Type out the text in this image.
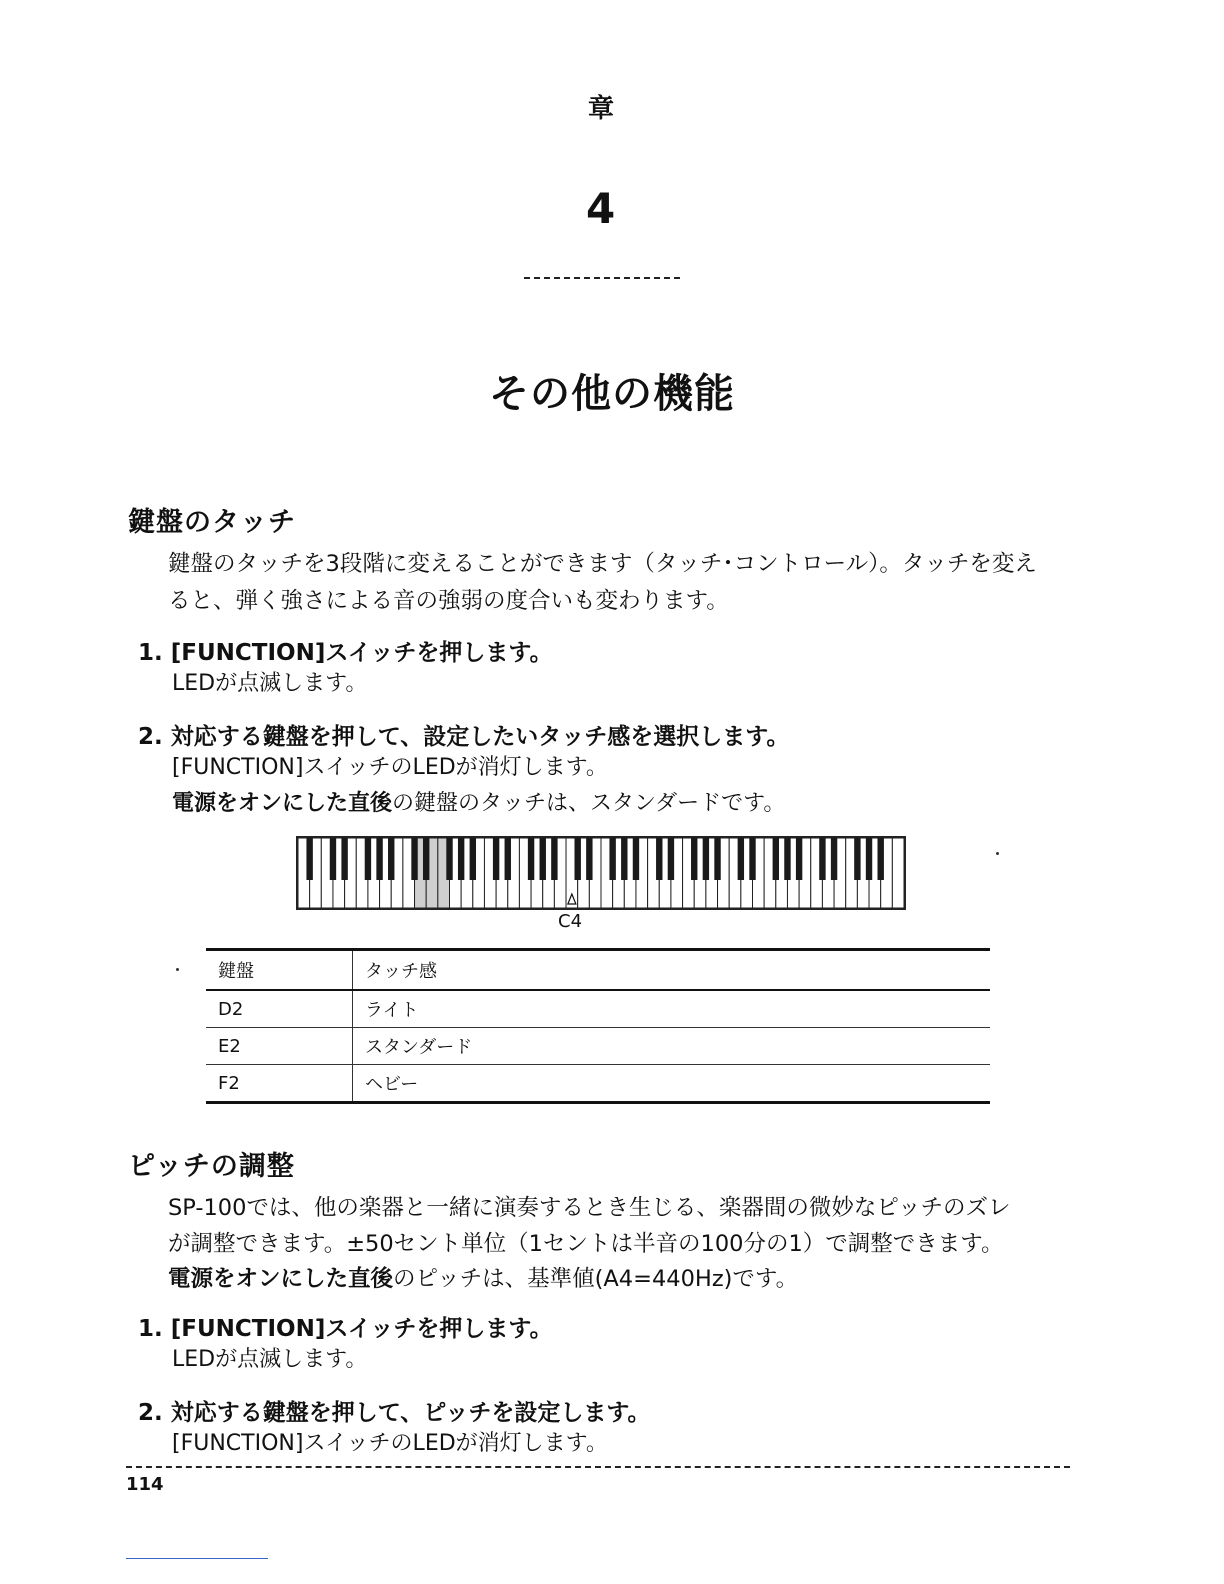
章
4
その他の機能
鍵盤のタッチ
鍵盤のタッチを3段階に変えることができます（タッチ･コントロール）。タッチを変え
ると、弾く強さによる音の強弱の度合いも変わります。
1. [FUNCTION]スイッチを押します。
LEDが点滅します。
2. 対応する鍵盤を押して、設定したいタッチ感を選択します。
[FUNCTION]スイッチのLEDが消灯します。
電源をオンにした直後の鍵盤のタッチは、スタンダードです。
C4
鍵盤	タッチ感
D2	ライト
E2	スタンダード
F2	ヘビー
ピッチの調整
SP-100では、他の楽器と一緒に演奏するとき生じる、楽器間の微妙なピッチのズレ
が調整できます。±50セント単位（1セントは半音の100分の1）で調整できます。
電源をオンにした直後のピッチは、基準値(A4=440Hz)です。
1. [FUNCTION]スイッチを押します。
LEDが点滅します。
2. 対応する鍵盤を押して、ピッチを設定します。
[FUNCTION]スイッチのLEDが消灯します。
114
